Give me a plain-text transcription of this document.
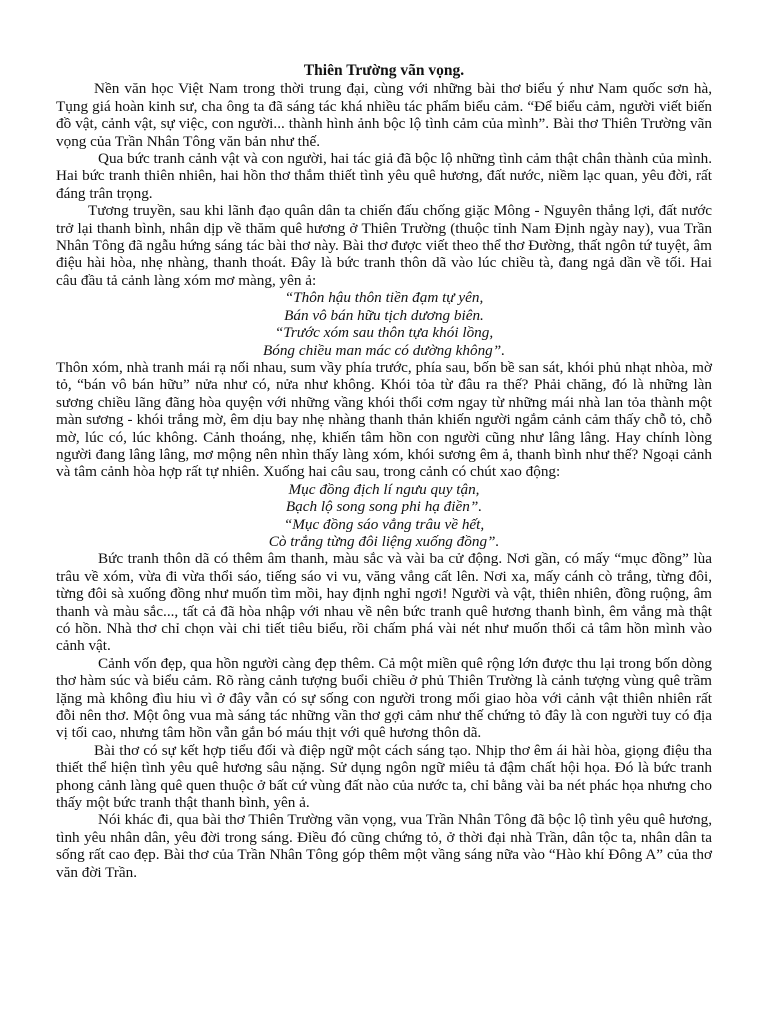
Thiên Trường vãn vọng.

Nền văn học Việt Nam trong thời trung đại, cùng với những bài thơ biểu ý như Nam quốc sơn hà, Tụng giá hoàn kinh sư, cha ông ta đã sáng tác khá nhiều tác phẩm biểu cảm. “Để biểu cảm, người viết biến đồ vật, cảnh vật, sự việc, con người... thành hình ảnh bộc lộ tình cảm của mình”. Bài thơ Thiên Trường vãn vọng của Trần Nhân Tông văn bản như thế.

Qua bức tranh cảnh vật và con người, hai tác giả đã bộc lộ những tình cảm thật chân thành của mình. Hai bức tranh thiên nhiên, hai hồn thơ thắm thiết tình yêu quê hương, đất nước, niềm lạc quan, yêu đời, rất đáng trân trọng.

Tương truyền, sau khi lãnh đạo quân dân ta chiến đấu chống giặc Mông - Nguyên thắng lợi, đất nước trở lại thanh bình, nhân dịp về thăm quê hương ở Thiên Trường (thuộc tỉnh Nam Định ngày nay), vua Trần Nhân Tông đã ngẫu hứng sáng tác bài thơ này. Bài thơ được viết theo thể thơ Đường, thất ngôn tứ tuyệt, âm điệu hài hòa, nhẹ nhàng, thanh thoát. Đây là bức tranh thôn dã vào lúc chiều tà, đang ngả dần về tối. Hai câu đầu tả cảnh làng xóm mơ màng, yên ả:

“Thôn hậu thôn tiền đạm tự yên,
Bán vô bán hữu tịch dương biên.
“Trước xóm sau thôn tựa khói lồng,
Bóng chiều man mác có dường không”.

Thôn xóm, nhà tranh mái rạ nối nhau, sum vầy phía trước, phía sau, bốn bề san sát, khói phủ nhạt nhòa, mờ tỏ, “bán vô bán hữu” nửa như có, nửa như không. Khói tỏa từ đâu ra thế? Phải chăng, đó là những làn sương chiều lãng đãng hòa quyện với những vầng khói thổi cơm ngay từ những mái nhà lan tỏa thành một màn sương - khói trắng mờ, êm dịu bay nhẹ nhàng thanh thản khiến người ngắm cảnh cảm thấy chỗ tỏ, chỗ mờ, lúc có, lúc không. Cảnh thoáng, nhẹ, khiến tâm hồn con người cũng như lâng lâng. Hay chính lòng người đang lâng lâng, mơ mộng nên nhìn thấy làng xóm, khói sương êm ả, thanh bình như thế? Ngoại cảnh và tâm cảnh hòa hợp rất tự nhiên. Xuống hai câu sau, trong cảnh có chút xao động:

Mục đồng địch lí ngưu quy tận,
Bạch lộ song song phi hạ điền”.
“Mục đồng sáo vẳng trâu về hết,
Cò trắng từng đôi liệng xuống đồng”.

Bức tranh thôn dã có thêm âm thanh, màu sắc và vài ba cử động. Nơi gần, có mấy “mục đồng” lùa trâu về xóm, vừa đi vừa thổi sáo, tiếng sáo vi vu, văng vẳng cất lên. Nơi xa, mấy cánh cò trắng, từng đôi, từng đôi sà xuống đồng như muốn tìm mồi, hay định nghỉ ngơi! Người và vật, thiên nhiên, đồng ruộng, âm thanh và màu sắc..., tất cả đã hòa nhập với nhau về nên bức tranh quê hương thanh bình, êm vắng mà thật có hồn. Nhà thơ chỉ chọn vài chi tiết tiêu biểu, rồi chấm phá vài nét như muốn thổi cả tâm hồn mình vào cảnh vật.

Cảnh vốn đẹp, qua hồn người càng đẹp thêm. Cả một miền quê rộng lớn được thu lại trong bốn dòng thơ hàm súc và biểu cảm. Rõ ràng cảnh tượng buổi chiều ở phủ Thiên Trường là cảnh tượng vùng quê trầm lặng mà không đìu hiu vì ở đây vẫn có sự sống con người trong mối giao hòa với cảnh vật thiên nhiên rất đỗi nên thơ. Một ông vua mà sáng tác những vần thơ gợi cảm như thế chứng tỏ đây là con người tuy có địa vị tối cao, nhưng tâm hồn vẫn gắn bó máu thịt với quê hương thôn dã.

Bài thơ có sự kết hợp tiểu đối và điệp ngữ một cách sáng tạo. Nhịp thơ êm ái hài hòa, giọng điệu tha thiết thể hiện tình yêu quê hương sâu nặng. Sử dụng ngôn ngữ miêu tả đậm chất hội họa. Đó là bức tranh phong cảnh làng quê quen thuộc ở bất cứ vùng đất nào của nước ta, chỉ bằng vài ba nét phác họa nhưng cho thấy một bức tranh thật thanh bình, yên ả.

Nói khác đi, qua bài thơ Thiên Trường vãn vọng, vua Trần Nhân Tông đã bộc lộ tình yêu quê hương, tình yêu nhân dân, yêu đời trong sáng. Điều đó cũng chứng tỏ, ở thời đại nhà Trần, dân tộc ta, nhân dân ta sống rất cao đẹp. Bài thơ của Trần Nhân Tông góp thêm một vầng sáng nữa vào “Hào khí Đông A” của thơ văn đời Trần.
